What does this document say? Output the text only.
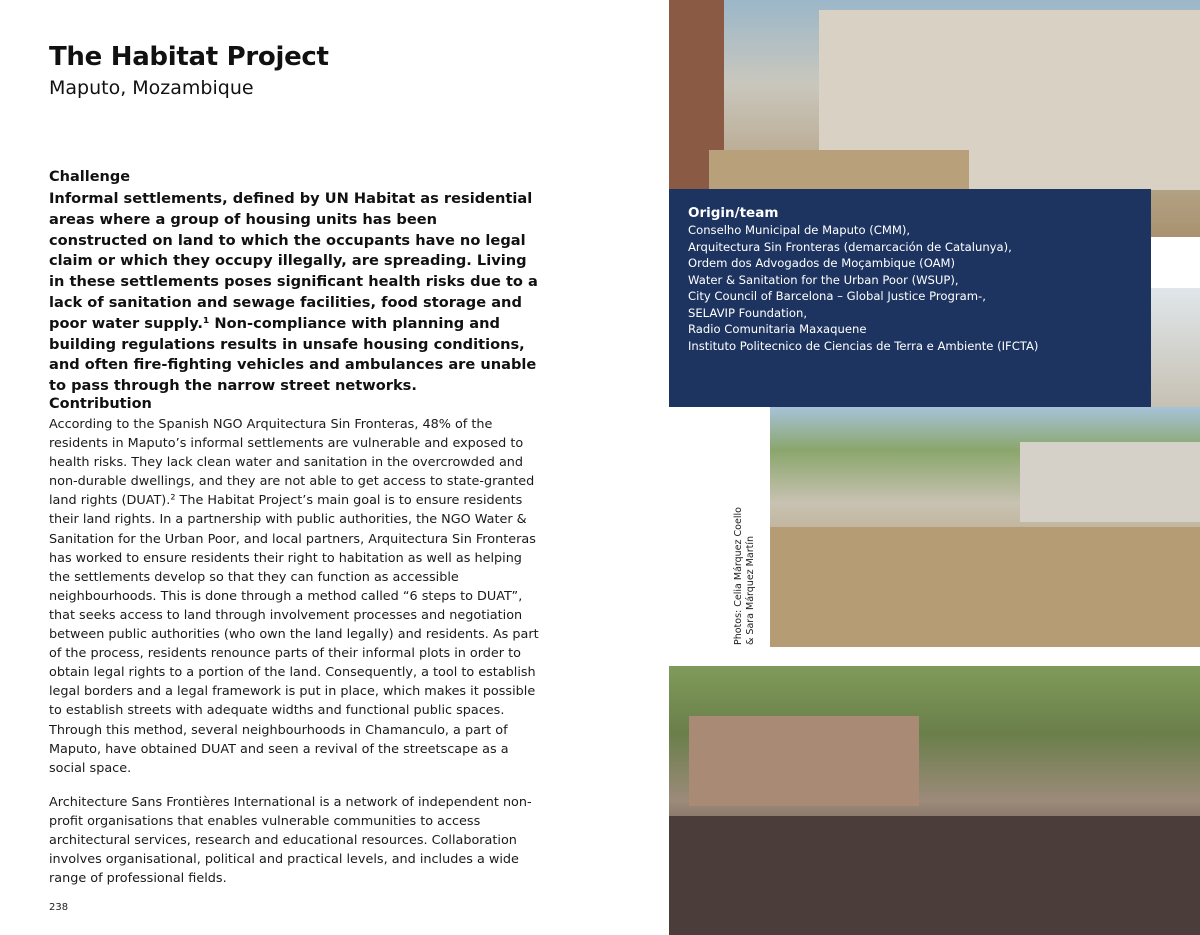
The Habitat Project
Maputo, Mozambique
Challenge
Informal settlements, defined by UN Habitat as residential areas where a group of housing units has been constructed on land to which the occupants have no legal claim or which they occupy illegally, are spreading. Living in these settlements poses significant health risks due to a lack of sanitation and sewage facilities, food storage and poor water supply.¹ Non-compliance with planning and building regulations results in unsafe housing conditions, and often fire-fighting vehicles and ambulances are unable to pass through the narrow street networks.
Contribution
According to the Spanish NGO Arquitectura Sin Fronteras, 48% of the residents in Maputo’s informal settlements are vulnerable and exposed to health risks. They lack clean water and sanitation in the overcrowded and non-durable dwellings, and they are not able to get access to state-granted land rights (DUAT).² The Habitat Project’s main goal is to ensure residents their land rights. In a partnership with public authorities, the NGO Water & Sanitation for the Urban Poor, and local partners, Arquitectura Sin Fronteras has worked to ensure residents their right to habitation as well as helping the settlements develop so that they can function as accessible neighbourhoods. This is done through a method called “6 steps to DUAT”, that seeks access to land through involvement processes and negotiation between public authorities (who own the land legally) and residents. As part of the process, residents renounce parts of their informal plots in order to obtain legal rights to a portion of the land. Consequently, a tool to establish legal borders and a legal framework is put in place, which makes it possible to establish streets with adequate widths and functional public spaces. Through this method, several neighbourhoods in Chamanculo, a part of Maputo, have obtained DUAT and seen a revival of the streetscape as a social space.
Architecture Sans Frontières International is a network of independent non-profit organisations that enables vulnerable communities to access architectural services, research and educational resources. Collaboration involves organisational, political and practical levels, and includes a wide range of professional fields.
238
Origin/team
Conselho Municipal de Maputo (CMM),
Arquitectura Sin Fronteras (demarcación de Catalunya),
Ordem dos Advogados de Moçambique (OAM)
Water & Sanitation for the Urban Poor (WSUP),
City Council of Barcelona – Global Justice Program-,
SELAVIP Foundation,
Radio Comunitaria Maxaquene
Instituto Politecnico de Ciencias de Terra e Ambiente (IFCTA)
Photos: Celia Márquez Coello & Sara Márquez Martín
